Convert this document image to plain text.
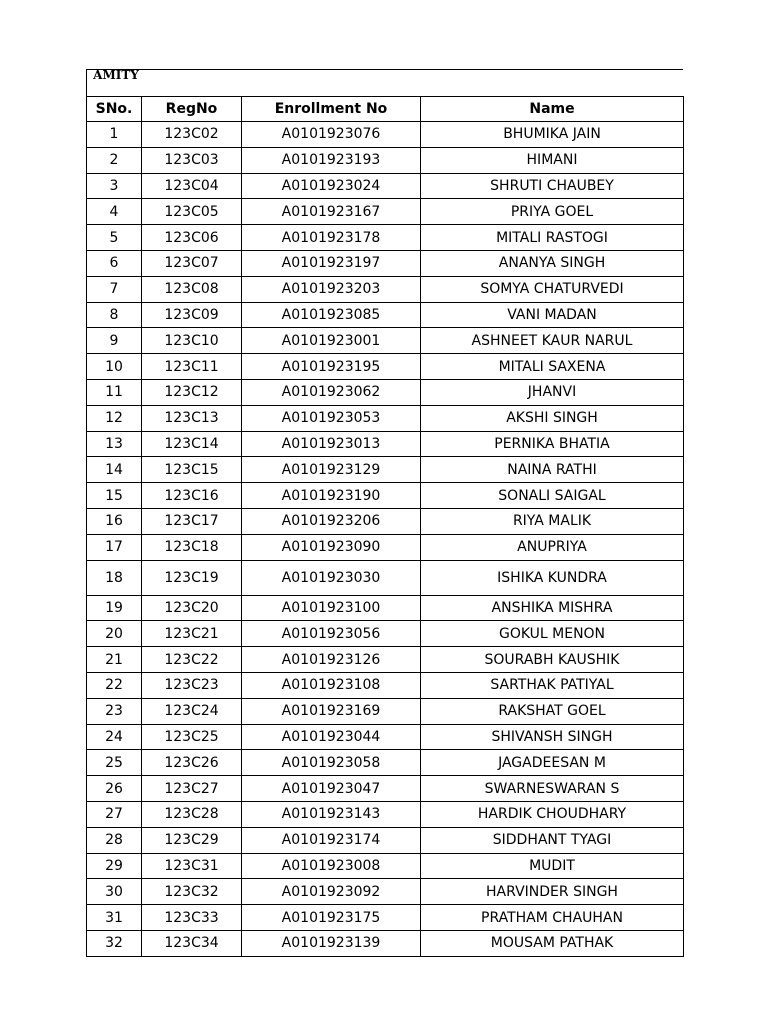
AMITY
SNo.	RegNo	Enrollment No	Name
1	123C02	A0101923076	BHUMIKA JAIN
2	123C03	A0101923193	HIMANI
3	123C04	A0101923024	SHRUTI CHAUBEY
4	123C05	A0101923167	PRIYA GOEL
5	123C06	A0101923178	MITALI RASTOGI
6	123C07	A0101923197	ANANYA SINGH
7	123C08	A0101923203	SOMYA CHATURVEDI
8	123C09	A0101923085	VANI MADAN
9	123C10	A0101923001	ASHNEET KAUR NARUL
10	123C11	A0101923195	MITALI SAXENA
11	123C12	A0101923062	JHANVI
12	123C13	A0101923053	AKSHI SINGH
13	123C14	A0101923013	PERNIKA BHATIA
14	123C15	A0101923129	NAINA RATHI
15	123C16	A0101923190	SONALI SAIGAL
16	123C17	A0101923206	RIYA MALIK
17	123C18	A0101923090	ANUPRIYA
18	123C19	A0101923030	ISHIKA KUNDRA
19	123C20	A0101923100	ANSHIKA MISHRA
20	123C21	A0101923056	GOKUL MENON
21	123C22	A0101923126	SOURABH KAUSHIK
22	123C23	A0101923108	SARTHAK PATIYAL
23	123C24	A0101923169	RAKSHAT GOEL
24	123C25	A0101923044	SHIVANSH SINGH
25	123C26	A0101923058	JAGADEESAN M
26	123C27	A0101923047	SWARNESWARAN S
27	123C28	A0101923143	HARDIK CHOUDHARY
28	123C29	A0101923174	SIDDHANT TYAGI
29	123C31	A0101923008	MUDIT
30	123C32	A0101923092	HARVINDER SINGH
31	123C33	A0101923175	PRATHAM CHAUHAN
32	123C34	A0101923139	MOUSAM PATHAK
